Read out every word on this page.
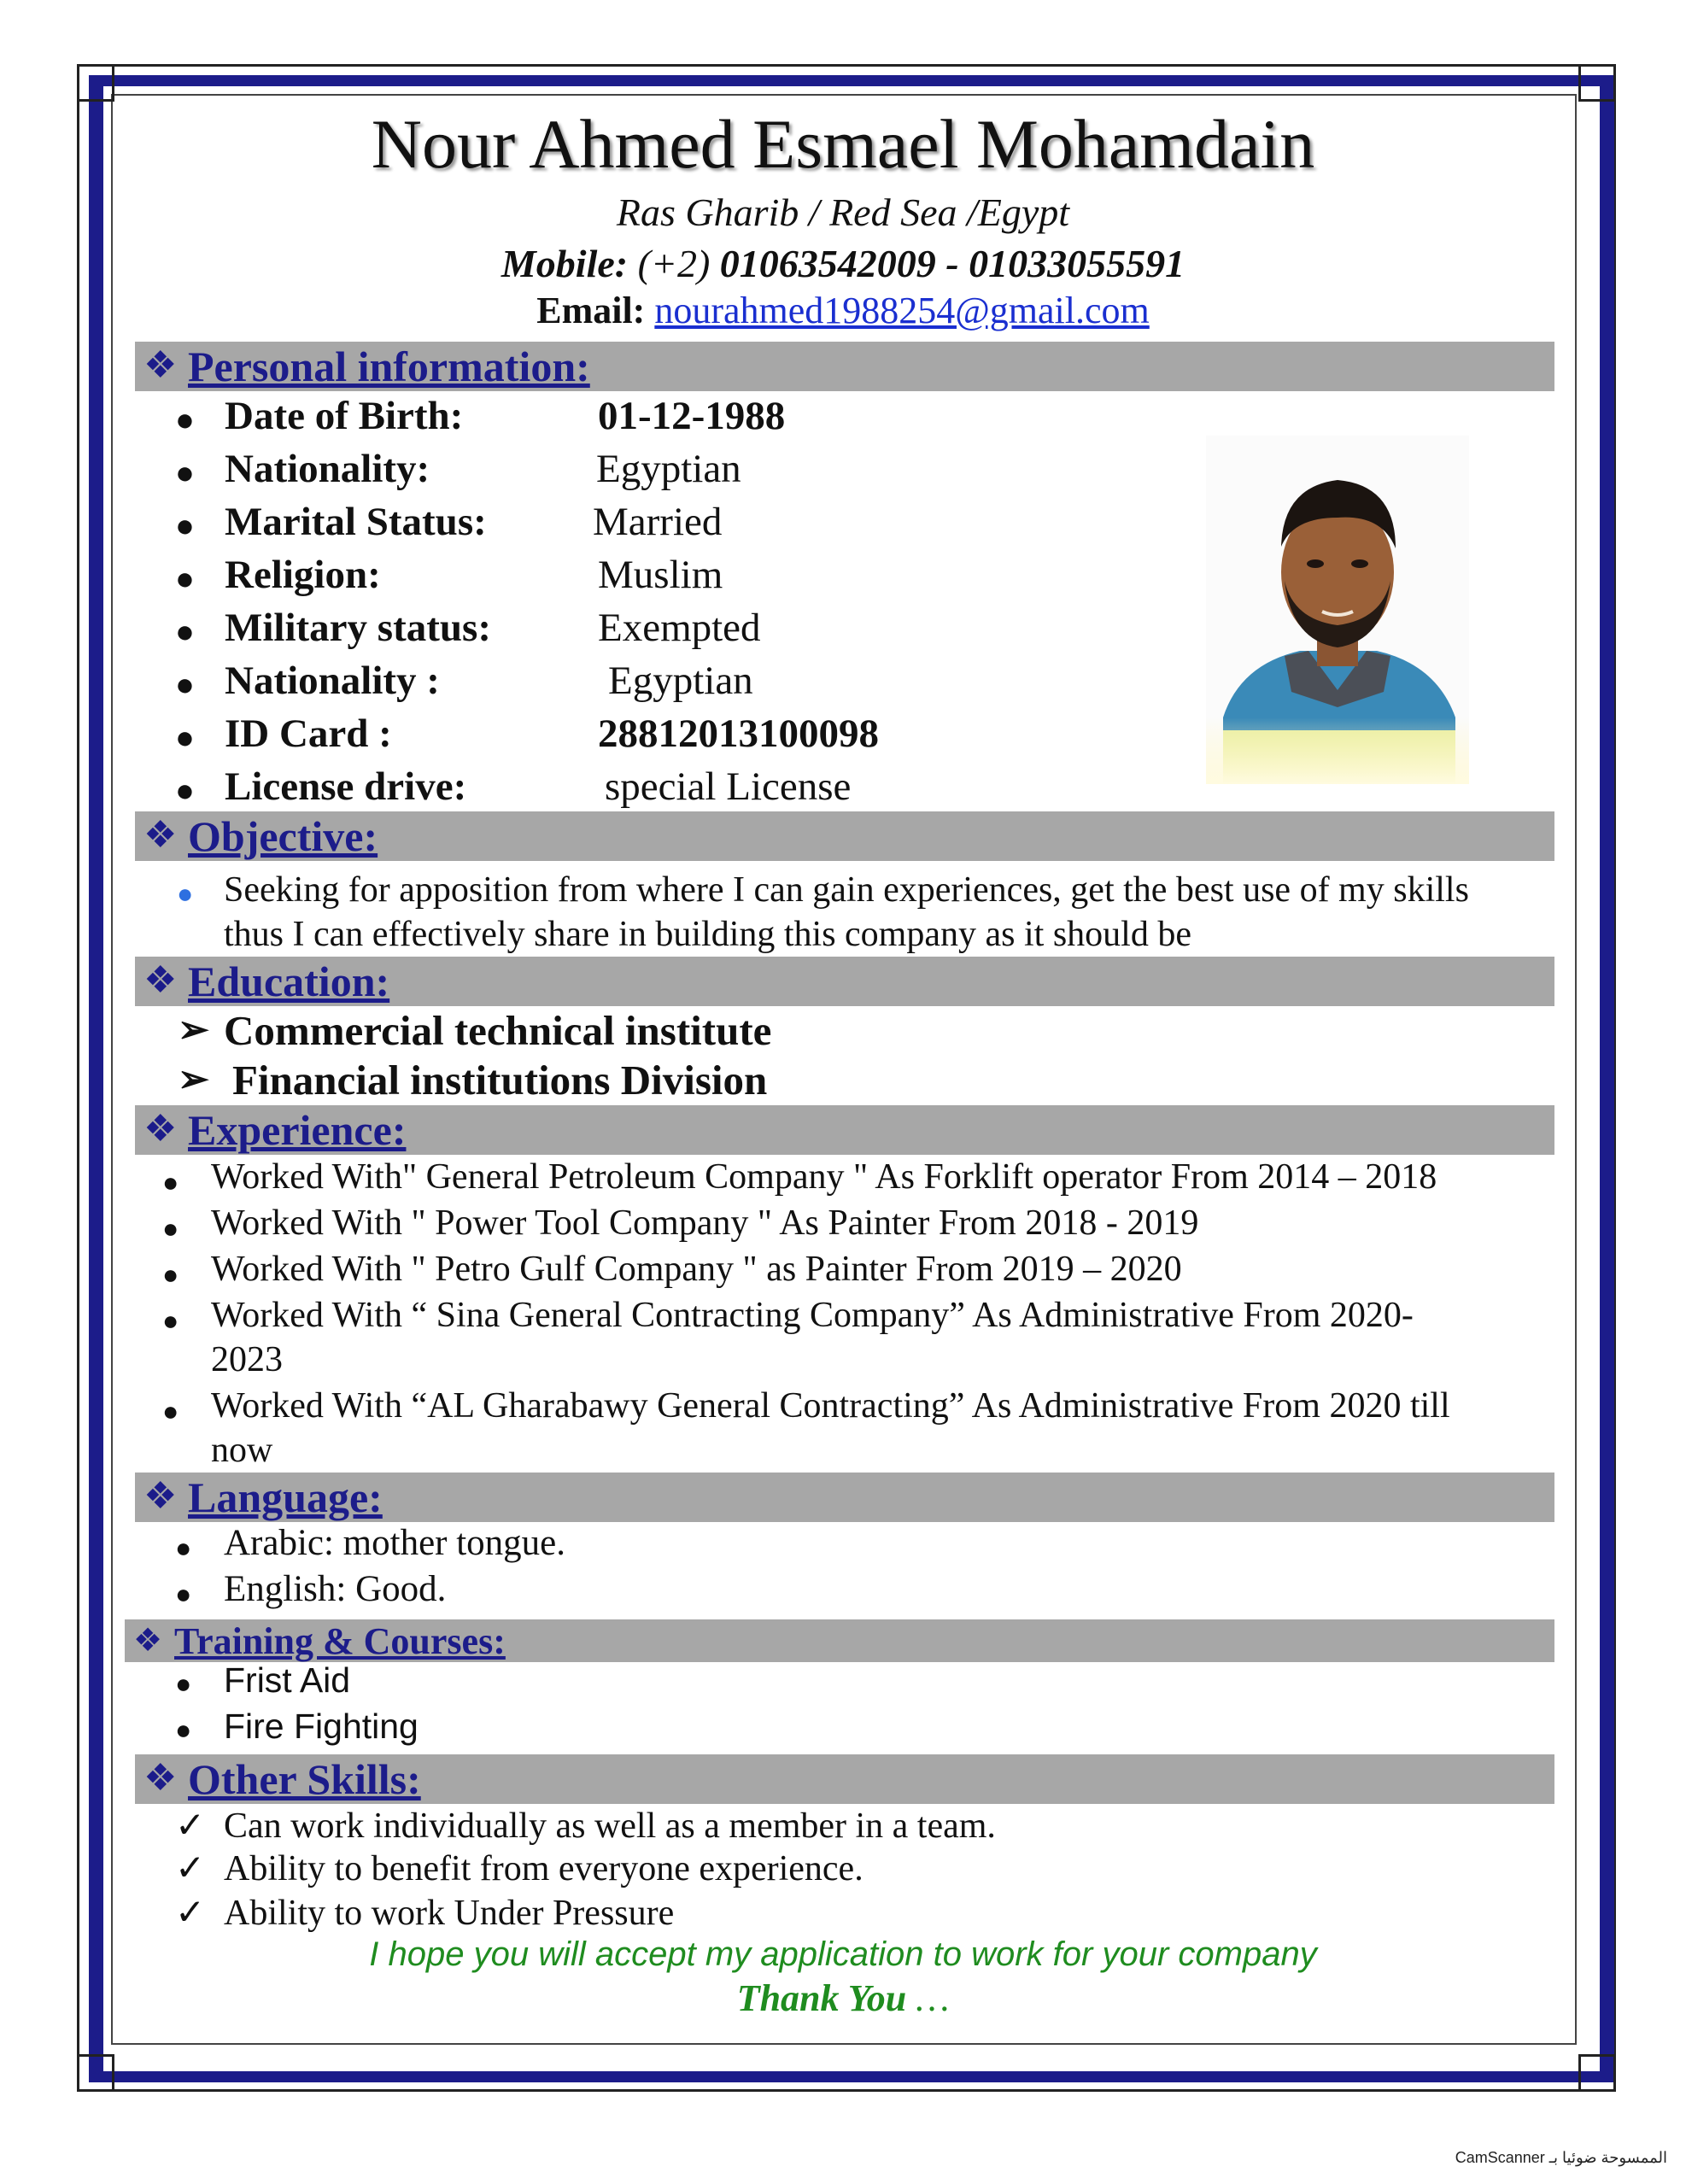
Nour Ahmed Esmael Mohamdain
Ras Gharib / Red Sea /Egypt
Mobile: (+2) 01063542009 - 01033055591
Email: nourahmed1988254@gmail.com
❖ Personal information:
● Date of Birth:	01-12-1988
● Nationality:	Egyptian
● Marital Status:	Married
● Religion:	Muslim
● Military status:	Exempted
● Nationality :	Egyptian
● ID Card :	28812013100098
● License drive:	special License
❖ Objective:
● Seeking for apposition from where I can gain experiences, get the best use of my skills
thus I can effectively share in building this company as it should be
❖ Education:
➢ Commercial technical institute
➢ Financial institutions Division
❖ Experience:
● Worked With" General Petroleum Company " As Forklift operator From 2014 – 2018
● Worked With " Power Tool Company " As Painter From 2018 - 2019
● Worked With " Petro Gulf Company " as Painter From 2019 – 2020
● Worked With “ Sina General Contracting Company” As Administrative From 2020-
2023
● Worked With “AL Gharabawy General Contracting” As Administrative From 2020 till
now
❖ Language:
● Arabic: mother tongue.
● English: Good.
❖ Training & Courses:
● Frist Aid
● Fire Fighting
❖ Other Skills:
✓ Can work individually as well as a member in a team.
✓ Ability to benefit from everyone experience.
✓ Ability to work Under Pressure
I hope you will accept my application to work for your company
Thank You …
CamScanner الممسوحة ضوئيا بـ
